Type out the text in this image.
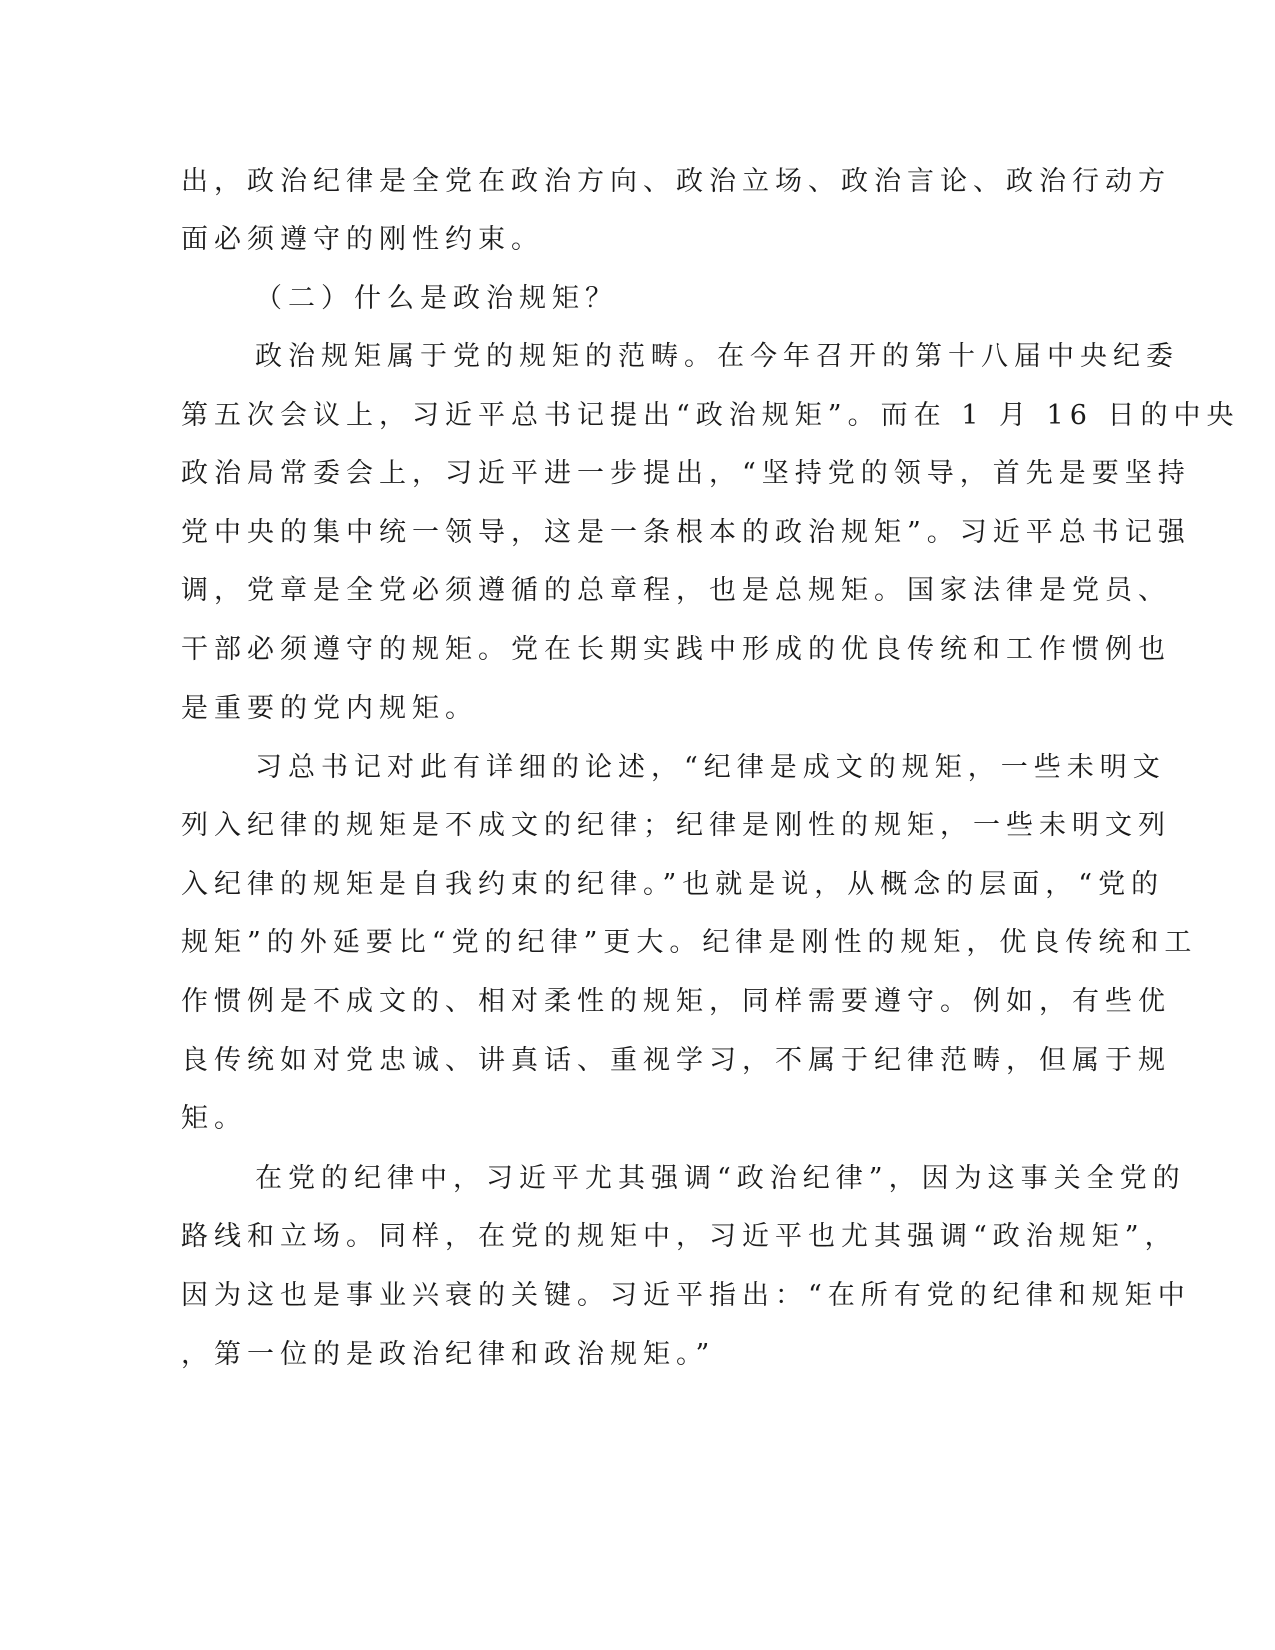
出，政治纪律是全党在政治方向、政治立场、政治言论、政治行动方
面必须遵守的刚性约束。
（二）什么是政治规矩？
政治规矩属于党的规矩的范畴。在今年召开的第十八届中央纪委
第五次会议上，习近平总书记提出“政治规矩”。而在 1 月 16 日的中央
政治局常委会上，习近平进一步提出，“坚持党的领导，首先是要坚持
党中央的集中统一领导，这是一条根本的政治规矩”。习近平总书记强
调，党章是全党必须遵循的总章程，也是总规矩。国家法律是党员、
干部必须遵守的规矩。党在长期实践中形成的优良传统和工作惯例也
是重要的党内规矩。
习总书记对此有详细的论述，“纪律是成文的规矩，一些未明文
列入纪律的规矩是不成文的纪律；纪律是刚性的规矩，一些未明文列
入纪律的规矩是自我约束的纪律。”也就是说，从概念的层面，“党的
规矩”的外延要比“党的纪律”更大。纪律是刚性的规矩，优良传统和工
作惯例是不成文的、相对柔性的规矩，同样需要遵守。例如，有些优
良传统如对党忠诚、讲真话、重视学习，不属于纪律范畴，但属于规
矩。
在党的纪律中，习近平尤其强调“政治纪律”，因为这事关全党的
路线和立场。同样，在党的规矩中，习近平也尤其强调“政治规矩”，
因为这也是事业兴衰的关键。习近平指出：“在所有党的纪律和规矩中
，第一位的是政治纪律和政治规矩。”
